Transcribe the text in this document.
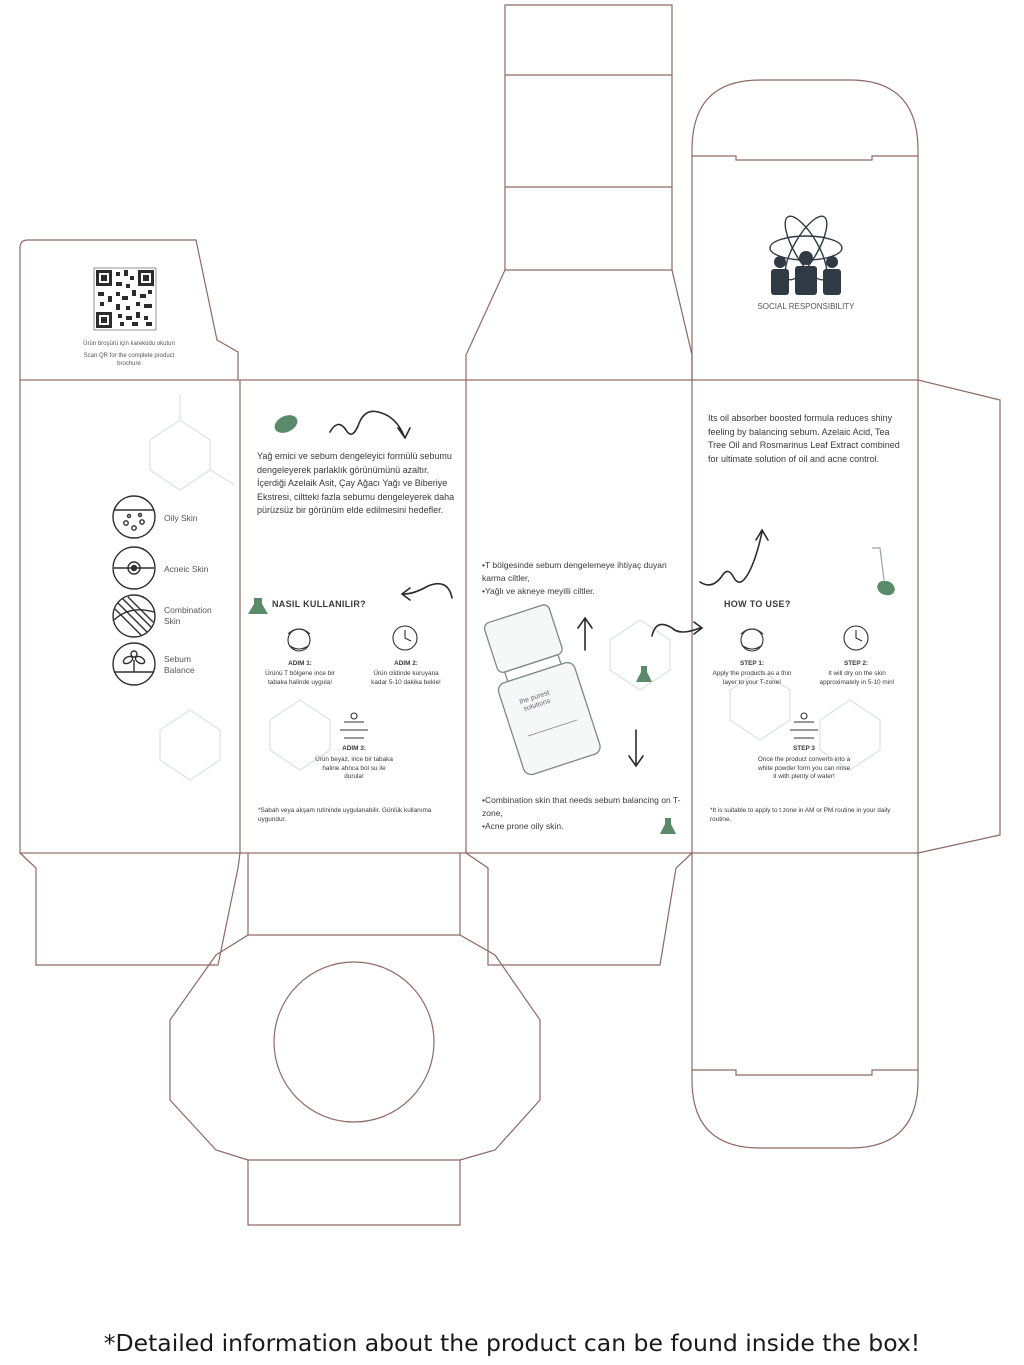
Ürün broşürü için karekodu okutun
Scan QR for the complete product brochure
SOCIAL RESPONSIBILITY
Oily Skin
Acneic Skin
Combination Skin
Sebum Balance
Yağ emici ve sebum dengeleyici formülü sebumu dengeleyerek parlaklık görünümünü azaltır. İçerdiği Azelaik Asit, Çay Ağacı Yağı ve Biberiye Ekstresi, ciltteki fazla sebumu dengeleyerek daha pürüzsüz bir görünüm elde edilmesini hedefler.
NASIL KULLANILIR?
ADIM 1:
Ürünü T bölgene ince bir tabaka halinde uygula!
ADIM 2:
Ürün cildinde kuruyana kadar 5-10 dakika bekle!
ADIM 3:
Ürün beyaz, ince bir tabaka haline ahnca bol su ile durula!
*Sabah veya akşam rutininde uygulanabilir. Günlük kullanıma uygundur.
•T bölgesinde sebum dengelemeye ihtiyaç duyan karma ciltler,
•Yağlı ve akneye meyilli ciltler.
the purest solutions
•Combination skin that needs sebum balancing on T-zone,
•Acne prone oily skin.
Its oil absorber boosted formula reduces shiny feeling by balancing sebum. Azelaic Acid, Tea Tree Oil and Rosmarinus Leaf Extract combined for ultimate solution of oil and acne control.
HOW TO USE?
STEP 1:
Apply the products as a thin layer to your T-zone!
STEP 2:
It will dry on the skin approximately in 5-10 min!
STEP 3
Once the product converts into a white powder form you can rinse it with plenty of water!
*It is suitable to apply to t zone in AM or PM routine in your daily routine.
*Detailed information about the product can be found inside the box!
